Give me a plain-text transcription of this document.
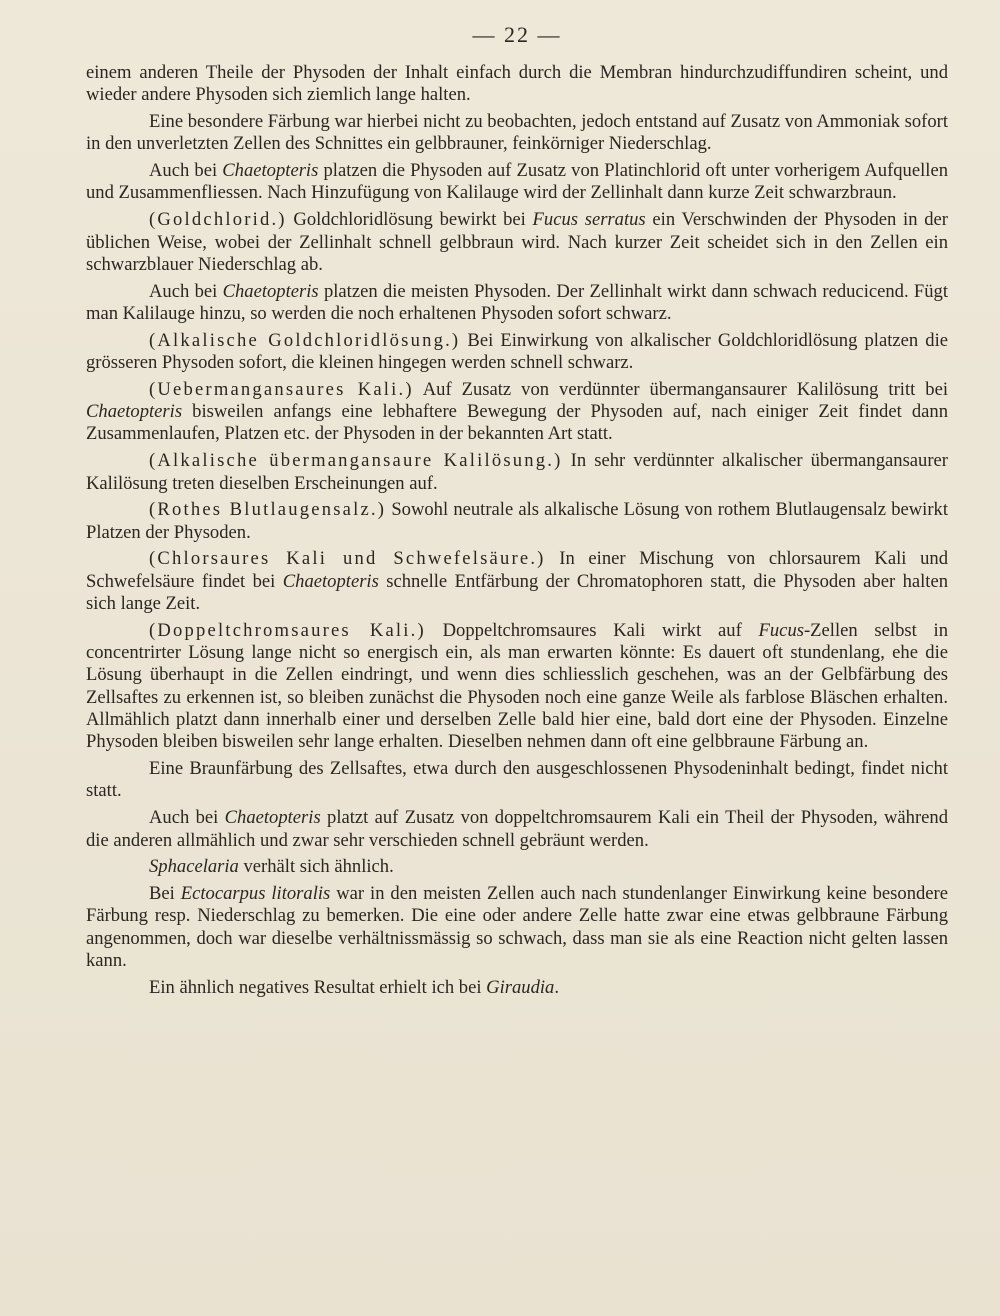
— 22 —

einem anderen Theile der Physoden der Inhalt einfach durch die Membran hindurchzudiffundiren scheint, und wieder andere Physoden sich ziemlich lange halten.

Eine besondere Färbung war hierbei nicht zu beobachten, jedoch entstand auf Zusatz von Ammoniak sofort in den unverletzten Zellen des Schnittes ein gelbbrauner, feinkörniger Niederschlag.

Auch bei Chaetopteris platzen die Physoden auf Zusatz von Platinchlorid oft unter vorherigem Aufquellen und Zusammenfliessen. Nach Hinzufügung von Kalilauge wird der Zellinhalt dann kurze Zeit schwarzbraun.

(Goldchlorid.) Goldchloridlösung bewirkt bei Fucus serratus ein Verschwinden der Physoden in der üblichen Weise, wobei der Zellinhalt schnell gelbbraun wird. Nach kurzer Zeit scheidet sich in den Zellen ein schwarzblauer Niederschlag ab.

Auch bei Chaetopteris platzen die meisten Physoden. Der Zellinhalt wirkt dann schwach reducicend. Fügt man Kalilauge hinzu, so werden die noch erhaltenen Physoden sofort schwarz.

(Alkalische Goldchloridlösung.) Bei Einwirkung von alkalischer Goldchloridlösung platzen die grösseren Physoden sofort, die kleinen hingegen werden schnell schwarz.

(Uebermangansaures Kali.) Auf Zusatz von verdünnter übermangansaurer Kalilösung tritt bei Chaetopteris bisweilen anfangs eine lebhaftere Bewegung der Physoden auf, nach einiger Zeit findet dann Zusammenlaufen, Platzen etc. der Physoden in der bekannten Art statt.

(Alkalische übermangansaure Kalilösung.) In sehr verdünnter alkalischer übermangansaurer Kalilösung treten dieselben Erscheinungen auf.

(Rothes Blutlaugensalz.) Sowohl neutrale als alkalische Lösung von rothem Blutlaugensalz bewirkt Platzen der Physoden.

(Chlorsaures Kali und Schwefelsäure.) In einer Mischung von chlorsaurem Kali und Schwefelsäure findet bei Chaetopteris schnelle Entfärbung der Chromatophoren statt, die Physoden aber halten sich lange Zeit.

(Doppeltchromsaures Kali.) Doppeltchromsaures Kali wirkt auf Fucus-Zellen selbst in concentrirter Lösung lange nicht so energisch ein, als man erwarten könnte: Es dauert oft stundenlang, ehe die Lösung überhaupt in die Zellen eindringt, und wenn dies schliesslich geschehen, was an der Gelbfärbung des Zellsaftes zu erkennen ist, so bleiben zunächst die Physoden noch eine ganze Weile als farblose Bläschen erhalten. Allmählich platzt dann innerhalb einer und derselben Zelle bald hier eine, bald dort eine der Physoden. Einzelne Physoden bleiben bisweilen sehr lange erhalten. Dieselben nehmen dann oft eine gelbbraune Färbung an.

Eine Braunfärbung des Zellsaftes, etwa durch den ausgeschlossenen Physodeninhalt bedingt, findet nicht statt.

Auch bei Chaetopteris platzt auf Zusatz von doppeltchromsaurem Kali ein Theil der Physoden, während die anderen allmählich und zwar sehr verschieden schnell gebräunt werden.

Sphacelaria verhält sich ähnlich.

Bei Ectocarpus litoralis war in den meisten Zellen auch nach stundenlanger Einwirkung keine besondere Färbung resp. Niederschlag zu bemerken. Die eine oder andere Zelle hatte zwar eine etwas gelbbraune Färbung angenommen, doch war dieselbe verhältnissmässig so schwach, dass man sie als eine Reaction nicht gelten lassen kann.

Ein ähnlich negatives Resultat erhielt ich bei Giraudia.
